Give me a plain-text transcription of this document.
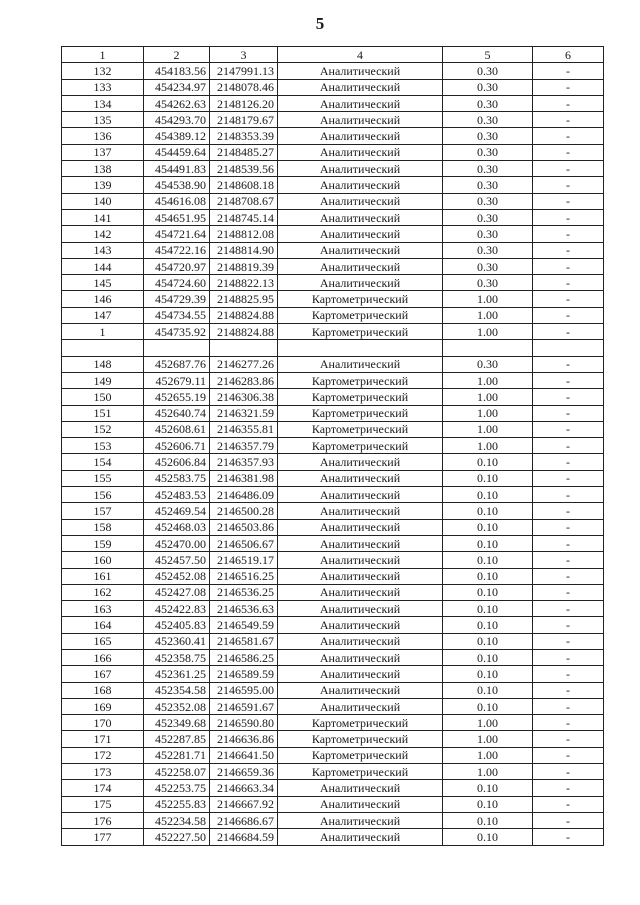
5
1	2	3	4	5	6
132	454183.56	2147991.13	Аналитический	0.30	-
133	454234.97	2148078.46	Аналитический	0.30	-
134	454262.63	2148126.20	Аналитический	0.30	-
135	454293.70	2148179.67	Аналитический	0.30	-
136	454389.12	2148353.39	Аналитический	0.30	-
137	454459.64	2148485.27	Аналитический	0.30	-
138	454491.83	2148539.56	Аналитический	0.30	-
139	454538.90	2148608.18	Аналитический	0.30	-
140	454616.08	2148708.67	Аналитический	0.30	-
141	454651.95	2148745.14	Аналитический	0.30	-
142	454721.64	2148812.08	Аналитический	0.30	-
143	454722.16	2148814.90	Аналитический	0.30	-
144	454720.97	2148819.39	Аналитический	0.30	-
145	454724.60	2148822.13	Аналитический	0.30	-
146	454729.39	2148825.95	Картометрический	1.00	-
147	454734.55	2148824.88	Картометрический	1.00	-
1	454735.92	2148824.88	Картометрический	1.00	-

148	452687.76	2146277.26	Аналитический	0.30	-
149	452679.11	2146283.86	Картометрический	1.00	-
150	452655.19	2146306.38	Картометрический	1.00	-
151	452640.74	2146321.59	Картометрический	1.00	-
152	452608.61	2146355.81	Картометрический	1.00	-
153	452606.71	2146357.79	Картометрический	1.00	-
154	452606.84	2146357.93	Аналитический	0.10	-
155	452583.75	2146381.98	Аналитический	0.10	-
156	452483.53	2146486.09	Аналитический	0.10	-
157	452469.54	2146500.28	Аналитический	0.10	-
158	452468.03	2146503.86	Аналитический	0.10	-
159	452470.00	2146506.67	Аналитический	0.10	-
160	452457.50	2146519.17	Аналитический	0.10	-
161	452452.08	2146516.25	Аналитический	0.10	-
162	452427.08	2146536.25	Аналитический	0.10	-
163	452422.83	2146536.63	Аналитический	0.10	-
164	452405.83	2146549.59	Аналитический	0.10	-
165	452360.41	2146581.67	Аналитический	0.10	-
166	452358.75	2146586.25	Аналитический	0.10	-
167	452361.25	2146589.59	Аналитический	0.10	-
168	452354.58	2146595.00	Аналитический	0.10	-
169	452352.08	2146591.67	Аналитический	0.10	-
170	452349.68	2146590.80	Картометрический	1.00	-
171	452287.85	2146636.86	Картометрический	1.00	-
172	452281.71	2146641.50	Картометрический	1.00	-
173	452258.07	2146659.36	Картометрический	1.00	-
174	452253.75	2146663.34	Аналитический	0.10	-
175	452255.83	2146667.92	Аналитический	0.10	-
176	452234.58	2146686.67	Аналитический	0.10	-
177	452227.50	2146684.59	Аналитический	0.10	-
